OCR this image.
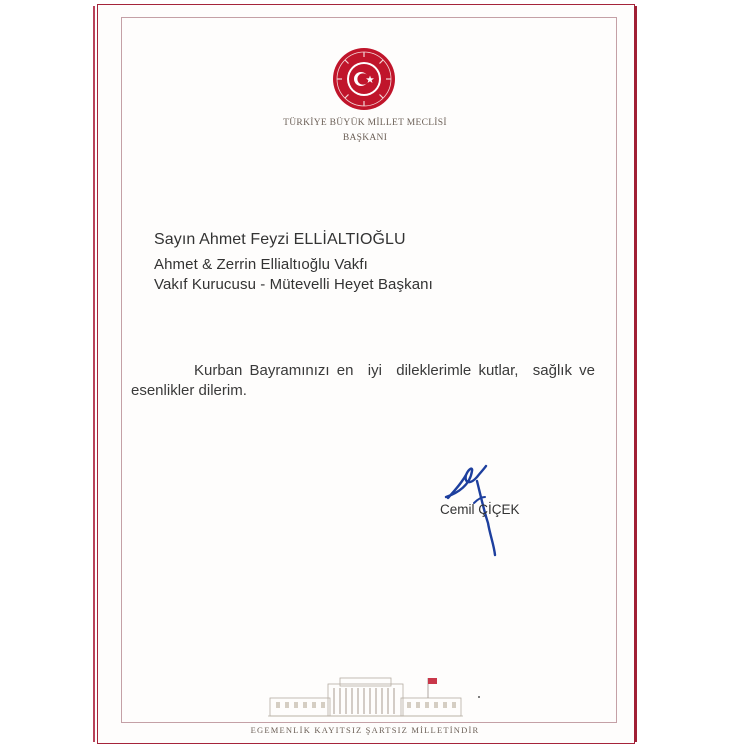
TÜRKİYE BÜYÜK MİLLET MECLİSİ
BAŞKANI
Sayın Ahmet Feyzi ELLİALTIOĞLU
Ahmet & Zerrin Ellialtıoğlu Vakfı
Vakıf Kurucusu - Mütevelli Heyet Başkanı
Kurban Bayramınızı en  iyi  dileklerimle kutlar,  sağlık ve
esenlikler dilerim.
Cemil ÇİÇEK
EGEMENLİK KAYITSIZ ŞARTSIZ MİLLETİNDİR
